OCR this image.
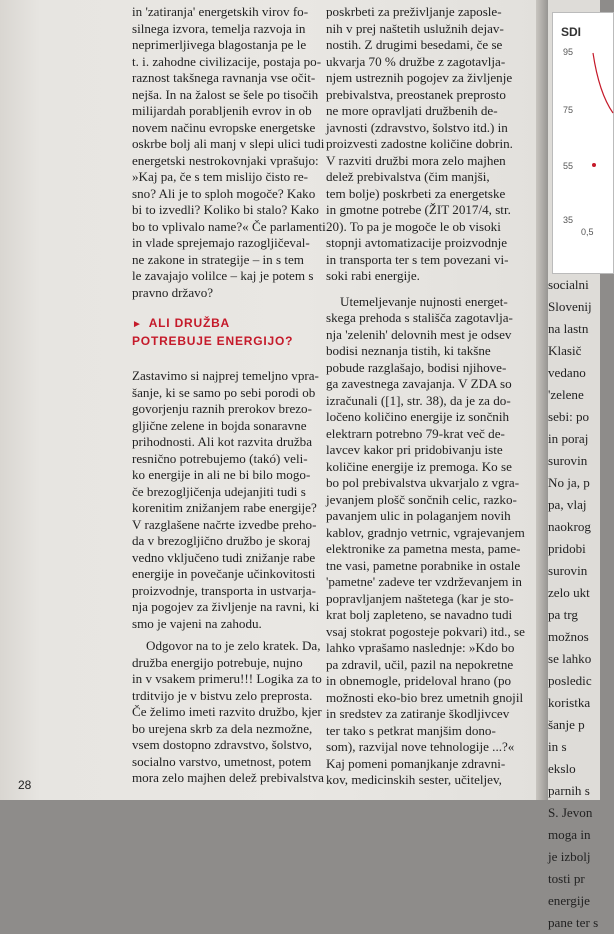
in 'zatiranja' energetskih virov fo-
silnega izvora, temelja razvoja in
neprimerljivega blagostanja pe le
t. i. zahodne civilizacije, postaja po-
raznost takšnega ravnanja vse očit-
nejša. In na žalost se šele po tisočih
milijardah porabljenih evrov in ob
novem načinu evropske energetske
oskrbe bolj ali manj v slepi ulici tudi
energetski nestrokovnjaki vprašujo:
»Kaj pa, če s tem mislijo čisto re-
sno? Ali je to sploh mogoče? Kako
bi to izvedli? Koliko bi stalo? Kako
bo to vplivalo name?« Če parlamenti
in vlade sprejemajo razogljičeval-
ne zakone in strategije – in s tem
le zavajajo volilce – kaj je potem s
pravno državo?
► ALI DRUŽBA
POTREBUJE ENERGIJO?
Zastavimo si najprej temeljno vpra-
šanje, ki se samo po sebi porodi ob
govorjenju raznih prerokov brezo-
gljične zelene in bojda sonaravne
prihodnosti. Ali kot razvita družba
resnično potrebujemo (takó) veli-
ko energije in ali ne bi bilo mogo-
če brezogljičenja udejanjiti tudi s
korenitim znižanjem rabe energije?
V razglašene načrte izvedbe preho-
da v brezogljično družbo je skoraj
vedno vključeno tudi znižanje rabe
energije in povečanje učinkovitosti
proizvodnje, transporta in ustvarja-
nja pogojev za življenje na ravni, ki
smo je vajeni na zahodu.
Odgovor na to je zelo kratek. Da,
družba energijo potrebuje, nujno
in v vsakem primeru!!! Logika za to
trditvijo je v bistvu zelo preprosta.
Če želimo imeti razvito družbo, kjer
bo urejena skrb za dela nezmožne,
vsem dostopno zdravstvo, šolstvo,
socialno varstvo, umetnost, potem
mora zelo majhen delež prebivalstva
poskrbeti za preživljanje zaposle-
nih v prej naštetih uslužnih dejav-
nostih. Z drugimi besedami, če se
ukvarja 70 % družbe z zagotavlja-
njem ustreznih pogojev za življenje
prebivalstva, preostanek preprosto
ne more opravljati družbenih de-
javnosti (zdravstvo, šolstvo itd.) in
proizvesti zadostne količine dobrin.
V razviti družbi mora zelo majhen
delež prebivalstva (čim manjši,
tem bolje) poskrbeti za energetske
in gmotne potrebe (ŽIT 2017/4, str.
20). To pa je mogoče le ob visoki
stopnji avtomatizacije proizvodnje
in transporta ter s tem povezani vi-
soki rabi energije.
Utemeljevanje nujnosti energet-
skega prehoda s stališča zagotavlja-
nja 'zelenih' delovnih mest je odsev
bodisi neznanja tistih, ki takšne
pobude razglašajo, bodisi njihove-
ga zavestnega zavajanja. V ZDA so
izračunali ([1], str. 38), da je za do-
ločeno količino energije iz sončnih
elektrarn potrebno 79-krat več de-
lavcev kakor pri pridobivanju iste
količine energije iz premoga. Ko se
bo pol prebivalstva ukvarjalo z vgra-
jevanjem plošč sončnih celic, razko-
pavanjem ulic in polaganjem novih
kablov, gradnjo vetrnic, vgrajevanjem
elektronike za pametna mesta, pame-
tne vasi, pametne porabnike in ostale
'pametne' zadeve ter vzdrževanjem in
popravljanjem naštetega (kar je sto-
krat bolj zapleteno, se navadno tudi
vsaj stokrat pogosteje pokvari) itd., se
lahko vprašamo naslednje: »Kdo bo
pa zdravil, učil, pazil na nepokretne
in obnemogle, prideloval hrano (po
možnosti eko-bio brez umetnih gnojil
in sredstev za zatiranje škodljivcev
ter tako s petkrat manjšim dono-
som), razvijal nove tehnologije ...?«
Kaj pomeni pomanjkanje zdravni-
kov, medicinskih sester, učiteljev,
28
SDI
95
75
55
35
0,5
socialni
Slovenij
na lastn
Klasič
vedano
'zelene
sebi: po
in poraj
surovin
No ja, p
pa, vlaj
naokrog
pridobi
surovin
zelo ukt
pa trg
možnos
se lahko
posledic
koristka
šanje p
in s
ekslo
parnih s
S. Jevon
moga in
je izbolj
tosti pr
energije
pane ter s
